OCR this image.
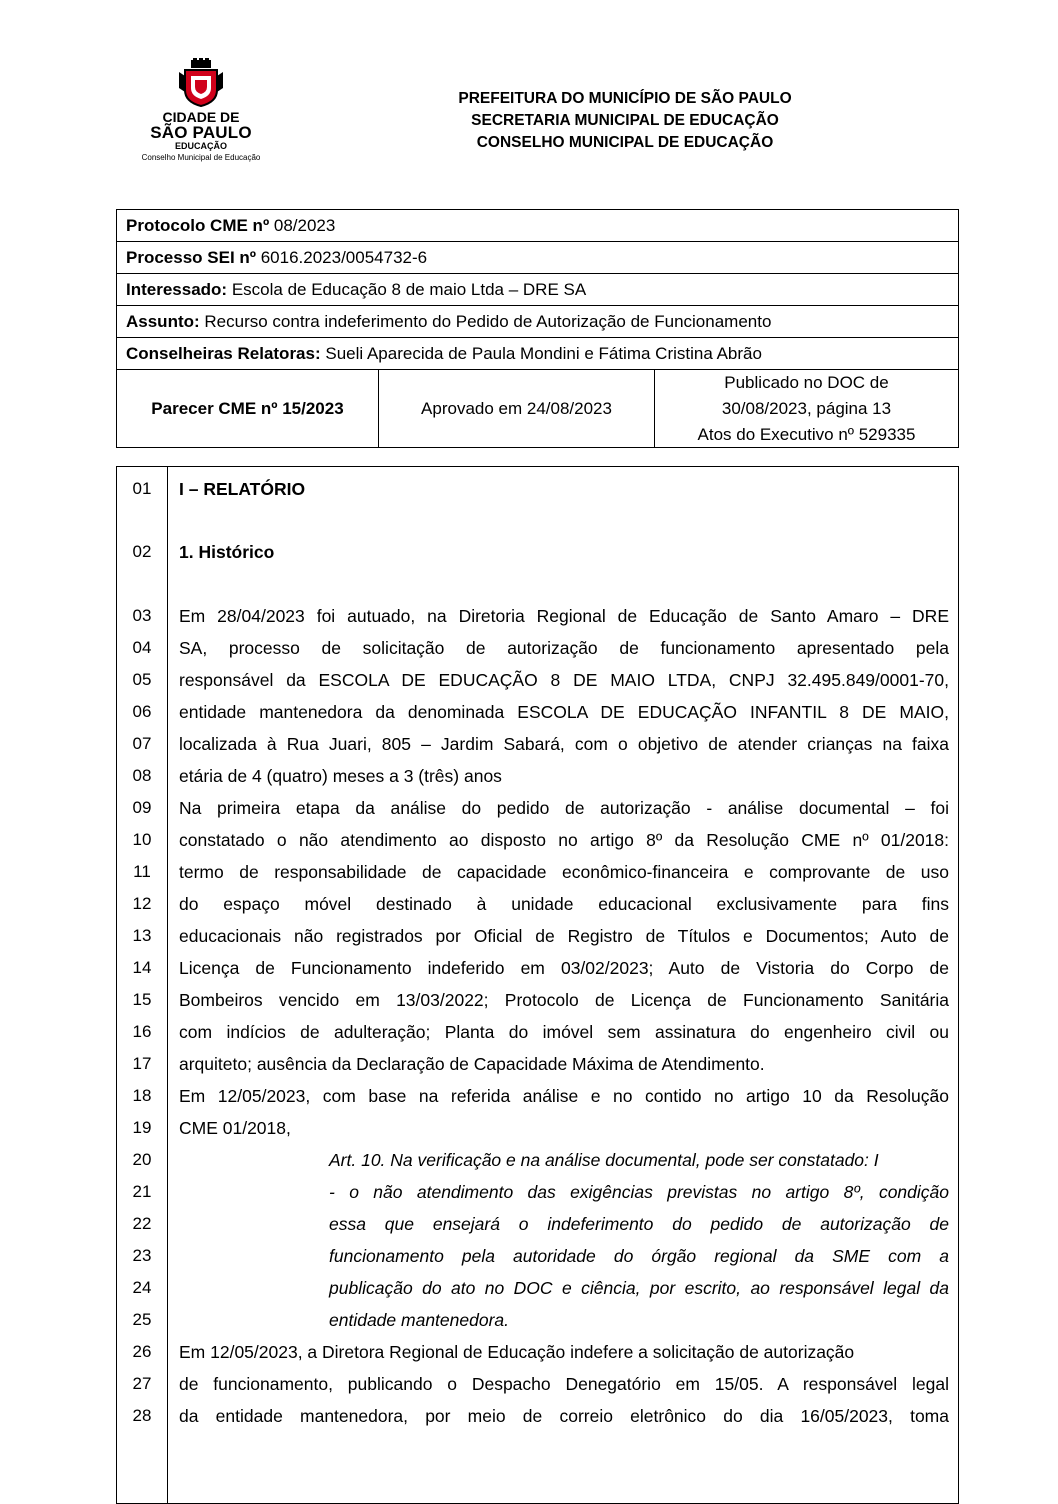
CIDADE DE
SÃO PAULO
EDUCAÇÃO
Conselho Municipal de Educação
PREFEITURA DO MUNICÍPIO DE SÃO PAULO
SECRETARIA MUNICIPAL DE EDUCAÇÃO
CONSELHO MUNICIPAL DE EDUCAÇÃO
Protocolo CME nº 08/2023
Processo SEI nº 6016.2023/0054732-6
Interessado: Escola de Educação 8 de maio Ltda – DRE SA
Assunto: Recurso contra indeferimento do Pedido de Autorização de Funcionamento
Conselheiras Relatoras: Sueli Aparecida de Paula Mondini e Fátima Cristina Abrão
Parecer CME nº 15/2023	Aprovado em 24/08/2023
Publicado no DOC de
30/08/2023, página 13
Atos do Executivo nº 529335
01	I – RELATÓRIO
02	1. Histórico
03	Em 28/04/2023 foi autuado, na Diretoria Regional de Educação de Santo Amaro – DRE
04	SA, processo de solicitação de autorização de funcionamento apresentado pela
05	responsável da ESCOLA DE EDUCAÇÃO 8 DE MAIO LTDA, CNPJ 32.495.849/0001-70,
06	entidade mantenedora da denominada ESCOLA DE EDUCAÇÃO INFANTIL 8 DE MAIO,
07	localizada à Rua Juari, 805 – Jardim Sabará, com o objetivo de atender crianças na faixa
08	etária de 4 (quatro) meses a 3 (três) anos
09	Na primeira etapa da análise do pedido de autorização - análise documental – foi
10	constatado o não atendimento ao disposto no artigo 8º da Resolução CME nº 01/2018:
11	termo de responsabilidade de capacidade econômico-financeira e comprovante de uso
12	do espaço móvel destinado à unidade educacional exclusivamente para fins
13	educacionais não registrados por Oficial de Registro de Títulos e Documentos; Auto de
14	Licença de Funcionamento indeferido em 03/02/2023; Auto de Vistoria do Corpo de
15	Bombeiros vencido em 13/03/2022; Protocolo de Licença de Funcionamento Sanitária
16	com indícios de adulteração; Planta do imóvel sem assinatura do engenheiro civil ou
17	arquiteto; ausência da Declaração de Capacidade Máxima de Atendimento.
18	Em 12/05/2023, com base na referida análise e no contido no artigo 10 da Resolução
19	CME 01/2018,
20	Art. 10. Na verificação e na análise documental, pode ser constatado: I
21	- o não atendimento das exigências previstas no artigo 8º, condição
22	essa que ensejará o indeferimento do pedido de autorização de
23	funcionamento pela autoridade do órgão regional da SME com a
24	publicação do ato no DOC e ciência, por escrito, ao responsável legal da
25	entidade mantenedora.
26	Em 12/05/2023, a Diretora Regional de Educação indefere a solicitação de autorização
27	de funcionamento, publicando o Despacho Denegatório em 15/05. A responsável legal
28	da entidade mantenedora, por meio de correio eletrônico do dia 16/05/2023, toma
